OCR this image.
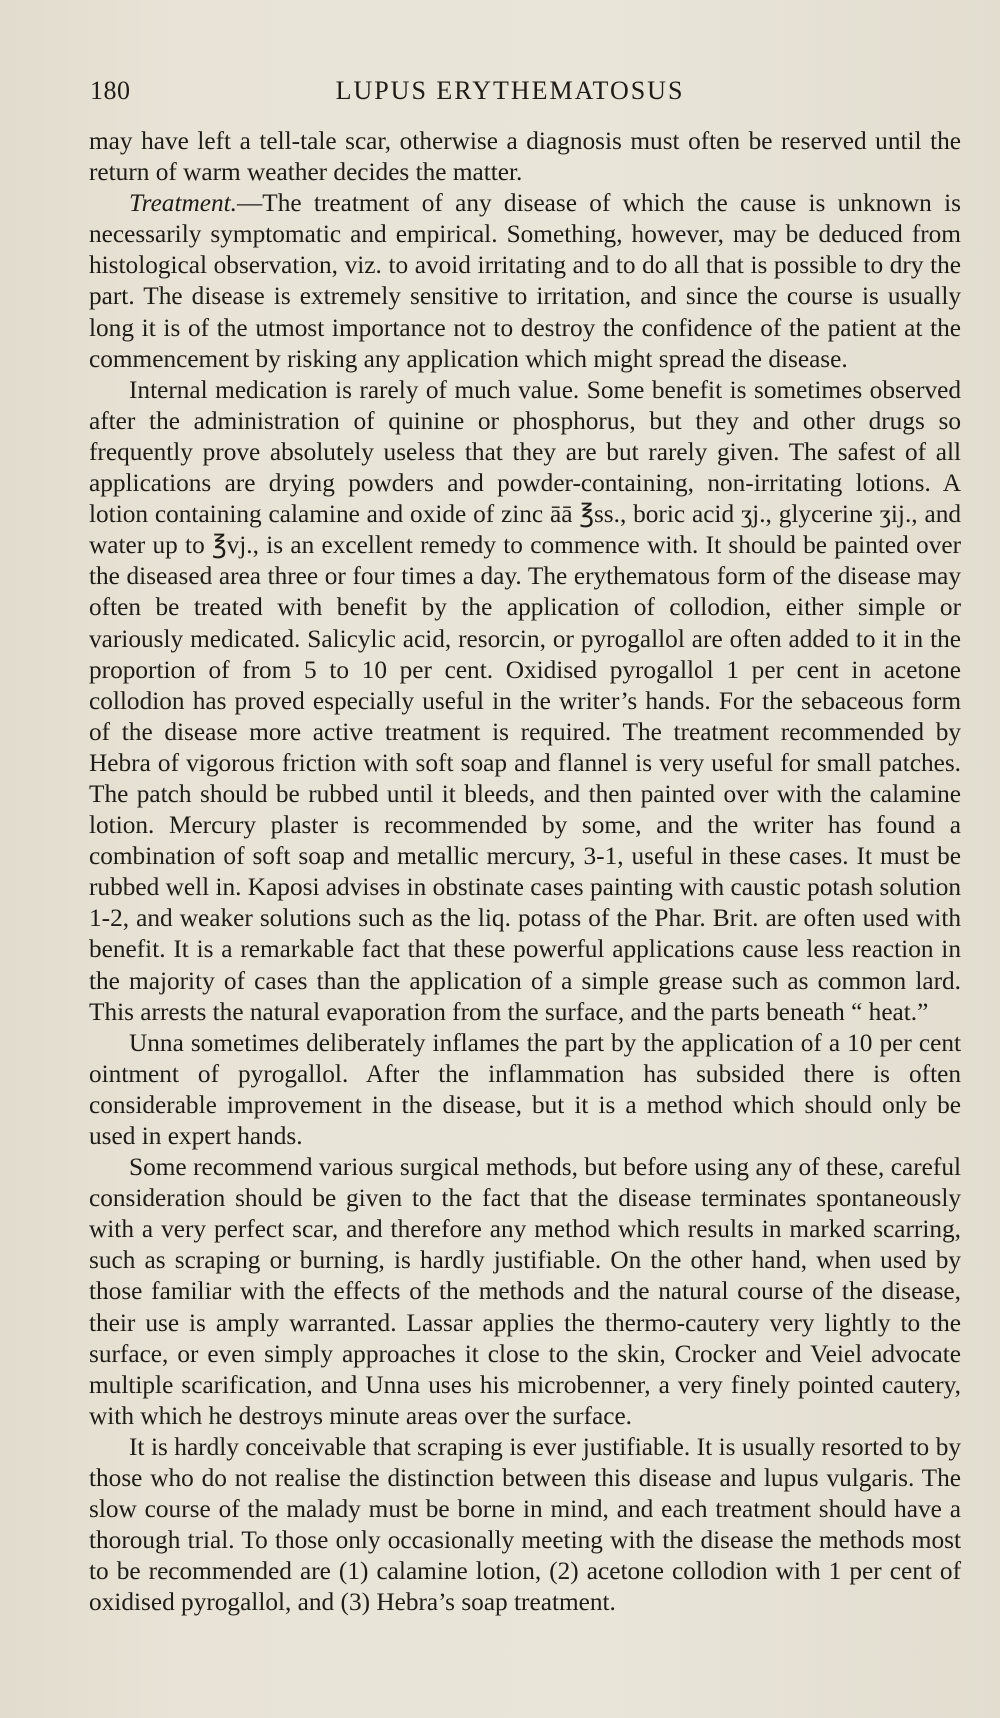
180	LUPUS ERYTHEMATOSUS

may have left a tell-tale scar, otherwise a diagnosis must often be reserved until the return of warm weather decides the matter.

Treatment.—The treatment of any disease of which the cause is unknown is necessarily symptomatic and empirical. Something, however, may be deduced from histological observation, viz. to avoid irritating and to do all that is possible to dry the part. The disease is extremely sensitive to irritation, and since the course is usually long it is of the utmost importance not to destroy the confidence of the patient at the commencement by risking any application which might spread the disease.

Internal medication is rarely of much value. Some benefit is sometimes observed after the administration of quinine or phosphorus, but they and other drugs so frequently prove absolutely useless that they are but rarely given. The safest of all applications are drying powders and powder-containing, non-irritating lotions. A lotion containing calamine and oxide of zinc āā ℥ss., boric acid ʒj., glycerine ʒij., and water up to ℥vj., is an excellent remedy to commence with. It should be painted over the diseased area three or four times a day. The erythematous form of the disease may often be treated with benefit by the application of collodion, either simple or variously medicated. Salicylic acid, resorcin, or pyrogallol are often added to it in the proportion of from 5 to 10 per cent. Oxidised pyrogallol 1 per cent in acetone collodion has proved especially useful in the writer’s hands. For the sebaceous form of the disease more active treatment is required. The treatment recommended by Hebra of vigorous friction with soft soap and flannel is very useful for small patches. The patch should be rubbed until it bleeds, and then painted over with the calamine lotion. Mercury plaster is recommended by some, and the writer has found a combination of soft soap and metallic mercury, 3-1, useful in these cases. It must be rubbed well in. Kaposi advises in obstinate cases painting with caustic potash solution 1-2, and weaker solutions such as the liq. potass of the Phar. Brit. are often used with benefit. It is a remarkable fact that these powerful applications cause less reaction in the majority of cases than the application of a simple grease such as common lard. This arrests the natural evaporation from the surface, and the parts beneath “ heat.”

Unna sometimes deliberately inflames the part by the application of a 10 per cent ointment of pyrogallol. After the inflammation has subsided there is often considerable improvement in the disease, but it is a method which should only be used in expert hands.

Some recommend various surgical methods, but before using any of these, careful consideration should be given to the fact that the disease terminates spontaneously with a very perfect scar, and therefore any method which results in marked scarring, such as scraping or burning, is hardly justifiable. On the other hand, when used by those familiar with the effects of the methods and the natural course of the disease, their use is amply warranted. Lassar applies the thermo-cautery very lightly to the surface, or even simply approaches it close to the skin, Crocker and Veiel advocate multiple scarification, and Unna uses his microbenner, a very finely pointed cautery, with which he destroys minute areas over the surface.

It is hardly conceivable that scraping is ever justifiable. It is usually resorted to by those who do not realise the distinction between this disease and lupus vulgaris. The slow course of the malady must be borne in mind, and each treatment should have a thorough trial. To those only occasionally meeting with the disease the methods most to be recommended are (1) calamine lotion, (2) acetone collodion with 1 per cent of oxidised pyrogallol, and (3) Hebra’s soap treatment.
